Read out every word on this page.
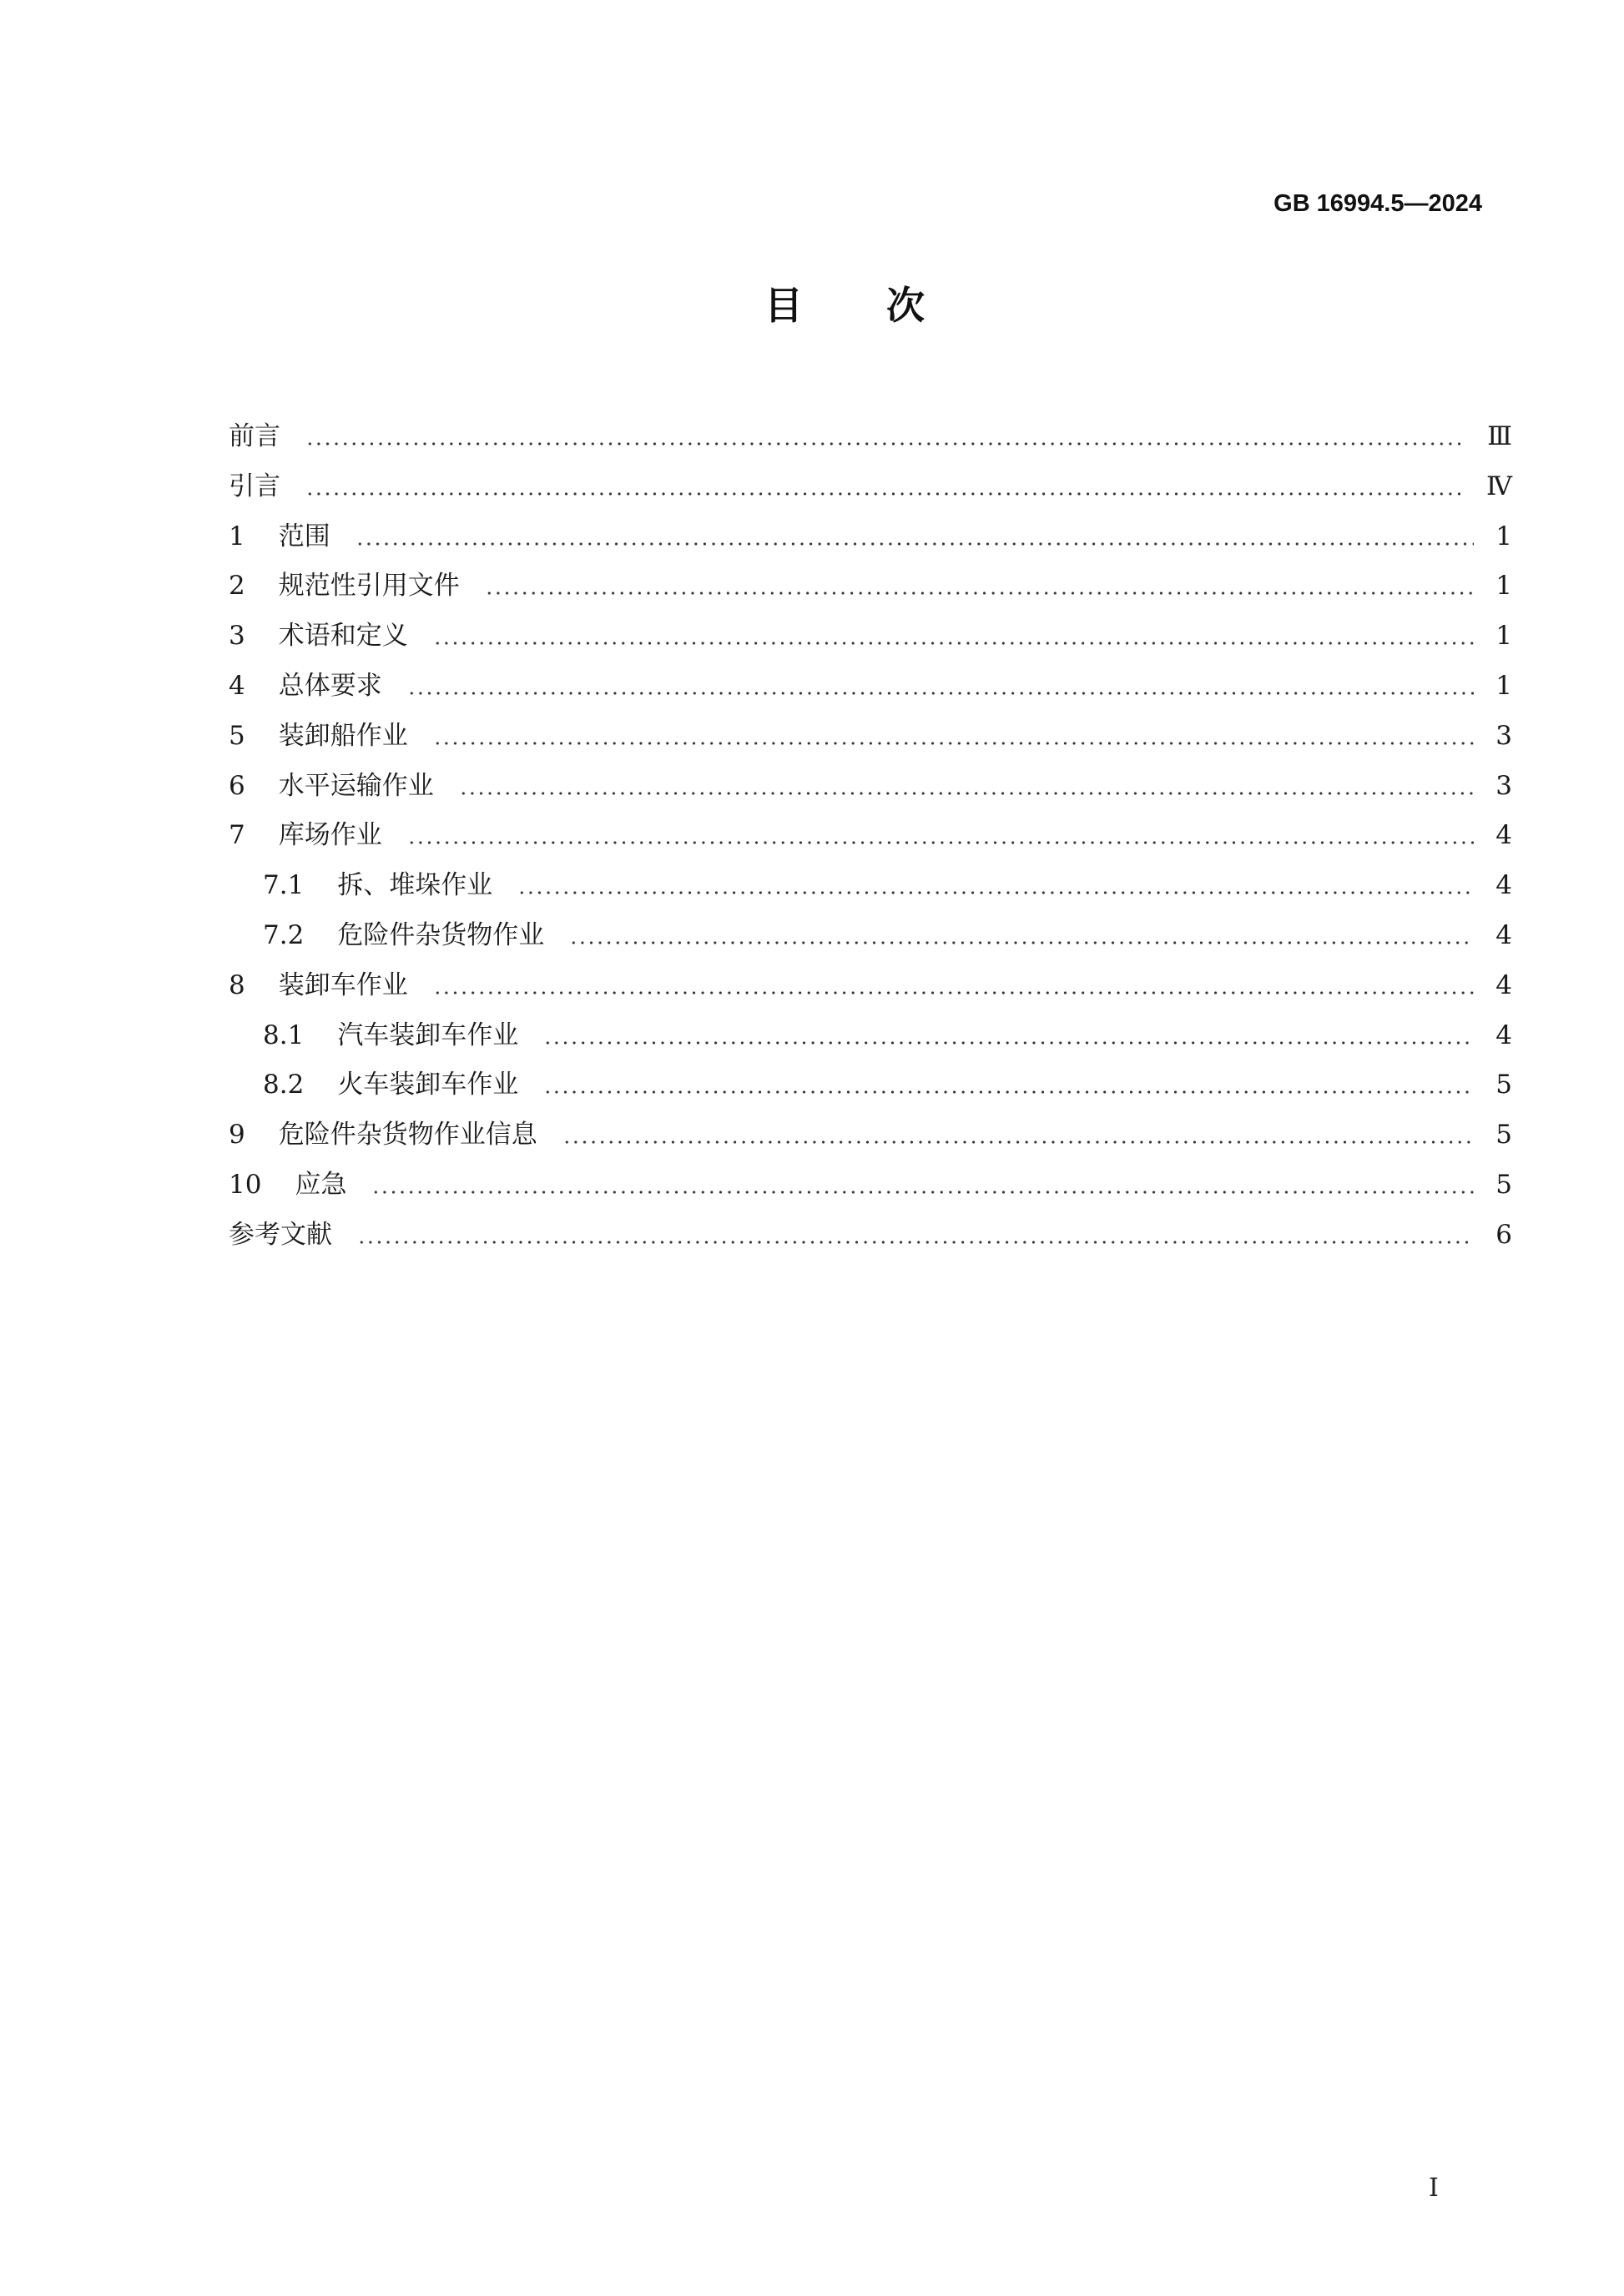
GB 16994.5—2024
目次
前言	Ⅲ
引言	Ⅳ
1 范围	1
2 规范性引用文件	1
3 术语和定义	1
4 总体要求	1
5 装卸船作业	3
6 水平运输作业	3
7 库场作业	4
7.1 拆、堆垛作业	4
7.2 危险件杂货物作业	4
8 装卸车作业	4
8.1 汽车装卸车作业	4
8.2 火车装卸车作业	5
9 危险件杂货物作业信息	5
10 应急	5
参考文献	6
I
